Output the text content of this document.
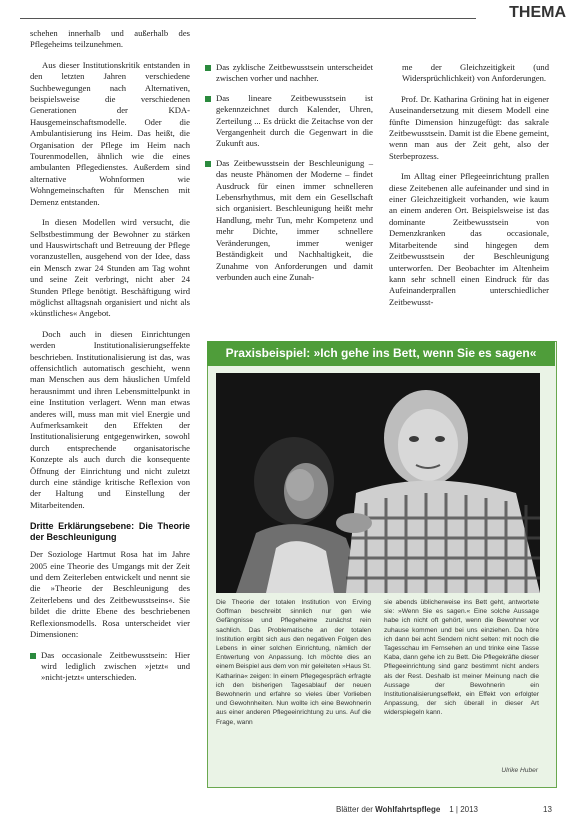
THEMA

schehen innerhalb und außerhalb des Pflegeheims teilzunehmen.

Aus dieser Institutionskritik entstanden in den letzten Jahren verschiedene Suchbewegungen nach Alternativen, beispielsweise die verschiedenen Generationen der KDA-Hausgemeinschaftsmodelle. Oder die Ambulantisierung ins Heim. Das heißt, die Organisation der Pflege im Heim nach Tourenmodellen, ähnlich wie die eines ambulanten Pflegedienstes. Außerdem sind alternative Wohnformen wie Wohngemeinschaften für Menschen mit Demenz entstanden.

In diesen Modellen wird versucht, die Selbstbestimmung der Bewohner zu stärken und Hauswirtschaft und Betreuung der Pflege voranzustellen, ausgehend von der Idee, dass ein Mensch zwar 24 Stunden am Tag wohnt und seine Zeit verbringt, nicht aber 24 Stunden Pflege benötigt. Beschäftigung wird möglichst alltagsnah organisiert und nicht als »künstliches« Angebot.

Doch auch in diesen Einrichtungen werden Institutionalisierungseffekte beschrieben. Institutionalisierung ist das, was offensichtlich automatisch geschieht, wenn man Menschen aus dem häuslichen Umfeld herausnimmt und ihren Lebensmittelpunkt in eine Institution verlagert. Wenn man etwas anderes will, muss man mit viel Energie und Aufmerksamkeit den Effekten der Institutionalisierung entgegenwirken, sowohl durch entsprechende organisatorische Konzepte als auch durch die konsequente Öffnung der Einrichtung und nicht zuletzt durch eine ständige kritische Reflexion von der Haltung und Einstellung der Mitarbeitenden.

Dritte Erklärungsebene: Die Theorie der Beschleunigung

Der Soziologe Hartmut Rosa hat im Jahre 2005 eine Theorie des Umgangs mit der Zeit und dem Zeiterleben entwickelt und nennt sie die »Theorie der Beschleunigung des Zeiterlebens und des Zeitbewusstseins«. Sie bildet die dritte Ebene des beschriebenen Reflexionsmodells. Rosa unterscheidet vier Dimensionen:

Das occasionale Zeitbewusstsein: Hier wird lediglich zwischen »jetzt« und »nicht-jetzt« unterschieden.
Das zyklische Zeitbewusstsein unterscheidet zwischen vorher und nachher.
Das lineare Zeitbewusstsein ist gekennzeichnet durch Kalender, Uhren, Zerteilung ... Es drückt die Zeitachse von der Vergangenheit durch die Gegenwart in die Zukunft aus.
Das Zeitbewusstsein der Beschleunigung – das neuste Phänomen der Moderne – findet Ausdruck für einen immer schnelleren Lebensrhythmus, mit dem ein Gesellschaft sich organisiert. Beschleunigung heißt mehr Handlung, mehr Tun, mehr Kompetenz und mehr Dichte, immer schnellere Veränderungen, immer weniger Beständigkeit und Nachhaltigkeit, die Zunahme von Anforderungen und damit verbunden auch eine Zunah-

me der Gleichzeitigkeit (und Widersprüchlichkeit) von Anforderungen.

Prof. Dr. Katharina Gröning hat in eigener Auseinandersetzung mit diesem Modell eine fünfte Dimension hinzugefügt: das sakrale Zeitbewusstsein. Damit ist die Ebene gemeint, wenn man aus der Zeit geht, also der Sterbeprozess.

Im Alltag einer Pflegeeinrichtung prallen diese Zeitebenen alle aufeinander und sind in einer Gleichzeitigkeit vorhanden, wie kaum an einem anderen Ort. Beispielsweise ist das dominante Zeitbewusstsein von Demenzkranken das occasionale, Mitarbeitende sind hingegen dem Zeitbewusstsein der Beschleunigung unterworfen. Der Beobachter im Altenheim kann sehr schnell einen Eindruck für das Aufeinanderprallen unterschiedlicher Zeitbewusst-

Praxisbeispiel: »Ich gehe ins Bett, wenn Sie es sagen«
Die Theorie der totalen Institution von Erving Goffman beschreibt sinnlich nur gen wie Gefängnisse und Pflegeheime zunächst rein sachlich. Das Problematische an der totalen Institution ergibt sich aus den negativen Folgen des Lebens in einer solchen Einrichtung, nämlich der Entwertung von Anpassung. Ich möchte dies an einem Beispiel aus dem von mir geleiteten »Haus St. Katharina« zeigen: In einem Pflegegespräch erfragte ich den bisherigen Tagesablauf der neuen Bewohnerin und erfahre so vieles über Vorlieben und Gewohnheiten. Nun wollte ich eine Bewohnerin aus einer anderen Pflegeeinrichtung zu uns. Auf die Frage, wann
sie abends üblicherweise ins Bett geht, antwortete sie: »Wenn Sie es sagen.« Eine solche Aussage habe ich nicht oft gehört, wenn die Bewohner vor zuhause kommen und bei uns einziehen. Da höre ich dann bei acht Sendern nicht selten: mit noch die Tagesschau im Fernsehen an und trinke eine Tasse Kaba, dann gehe ich zu Bett. Die Pflegekräfte dieser Pflegeeinrichtung sind ganz bestimmt nicht anders als der Rest. Deshalb ist meiner Meinung nach die Aussage der Bewohnerin ein Institutionalisierungseffekt, ein Effekt von erfolgter Anpassung, der sich überall in dieser Art widerspiegeln kann.
Ulrike Huber
Blätter der Wohlfahrtspflege 1 | 2013	13
